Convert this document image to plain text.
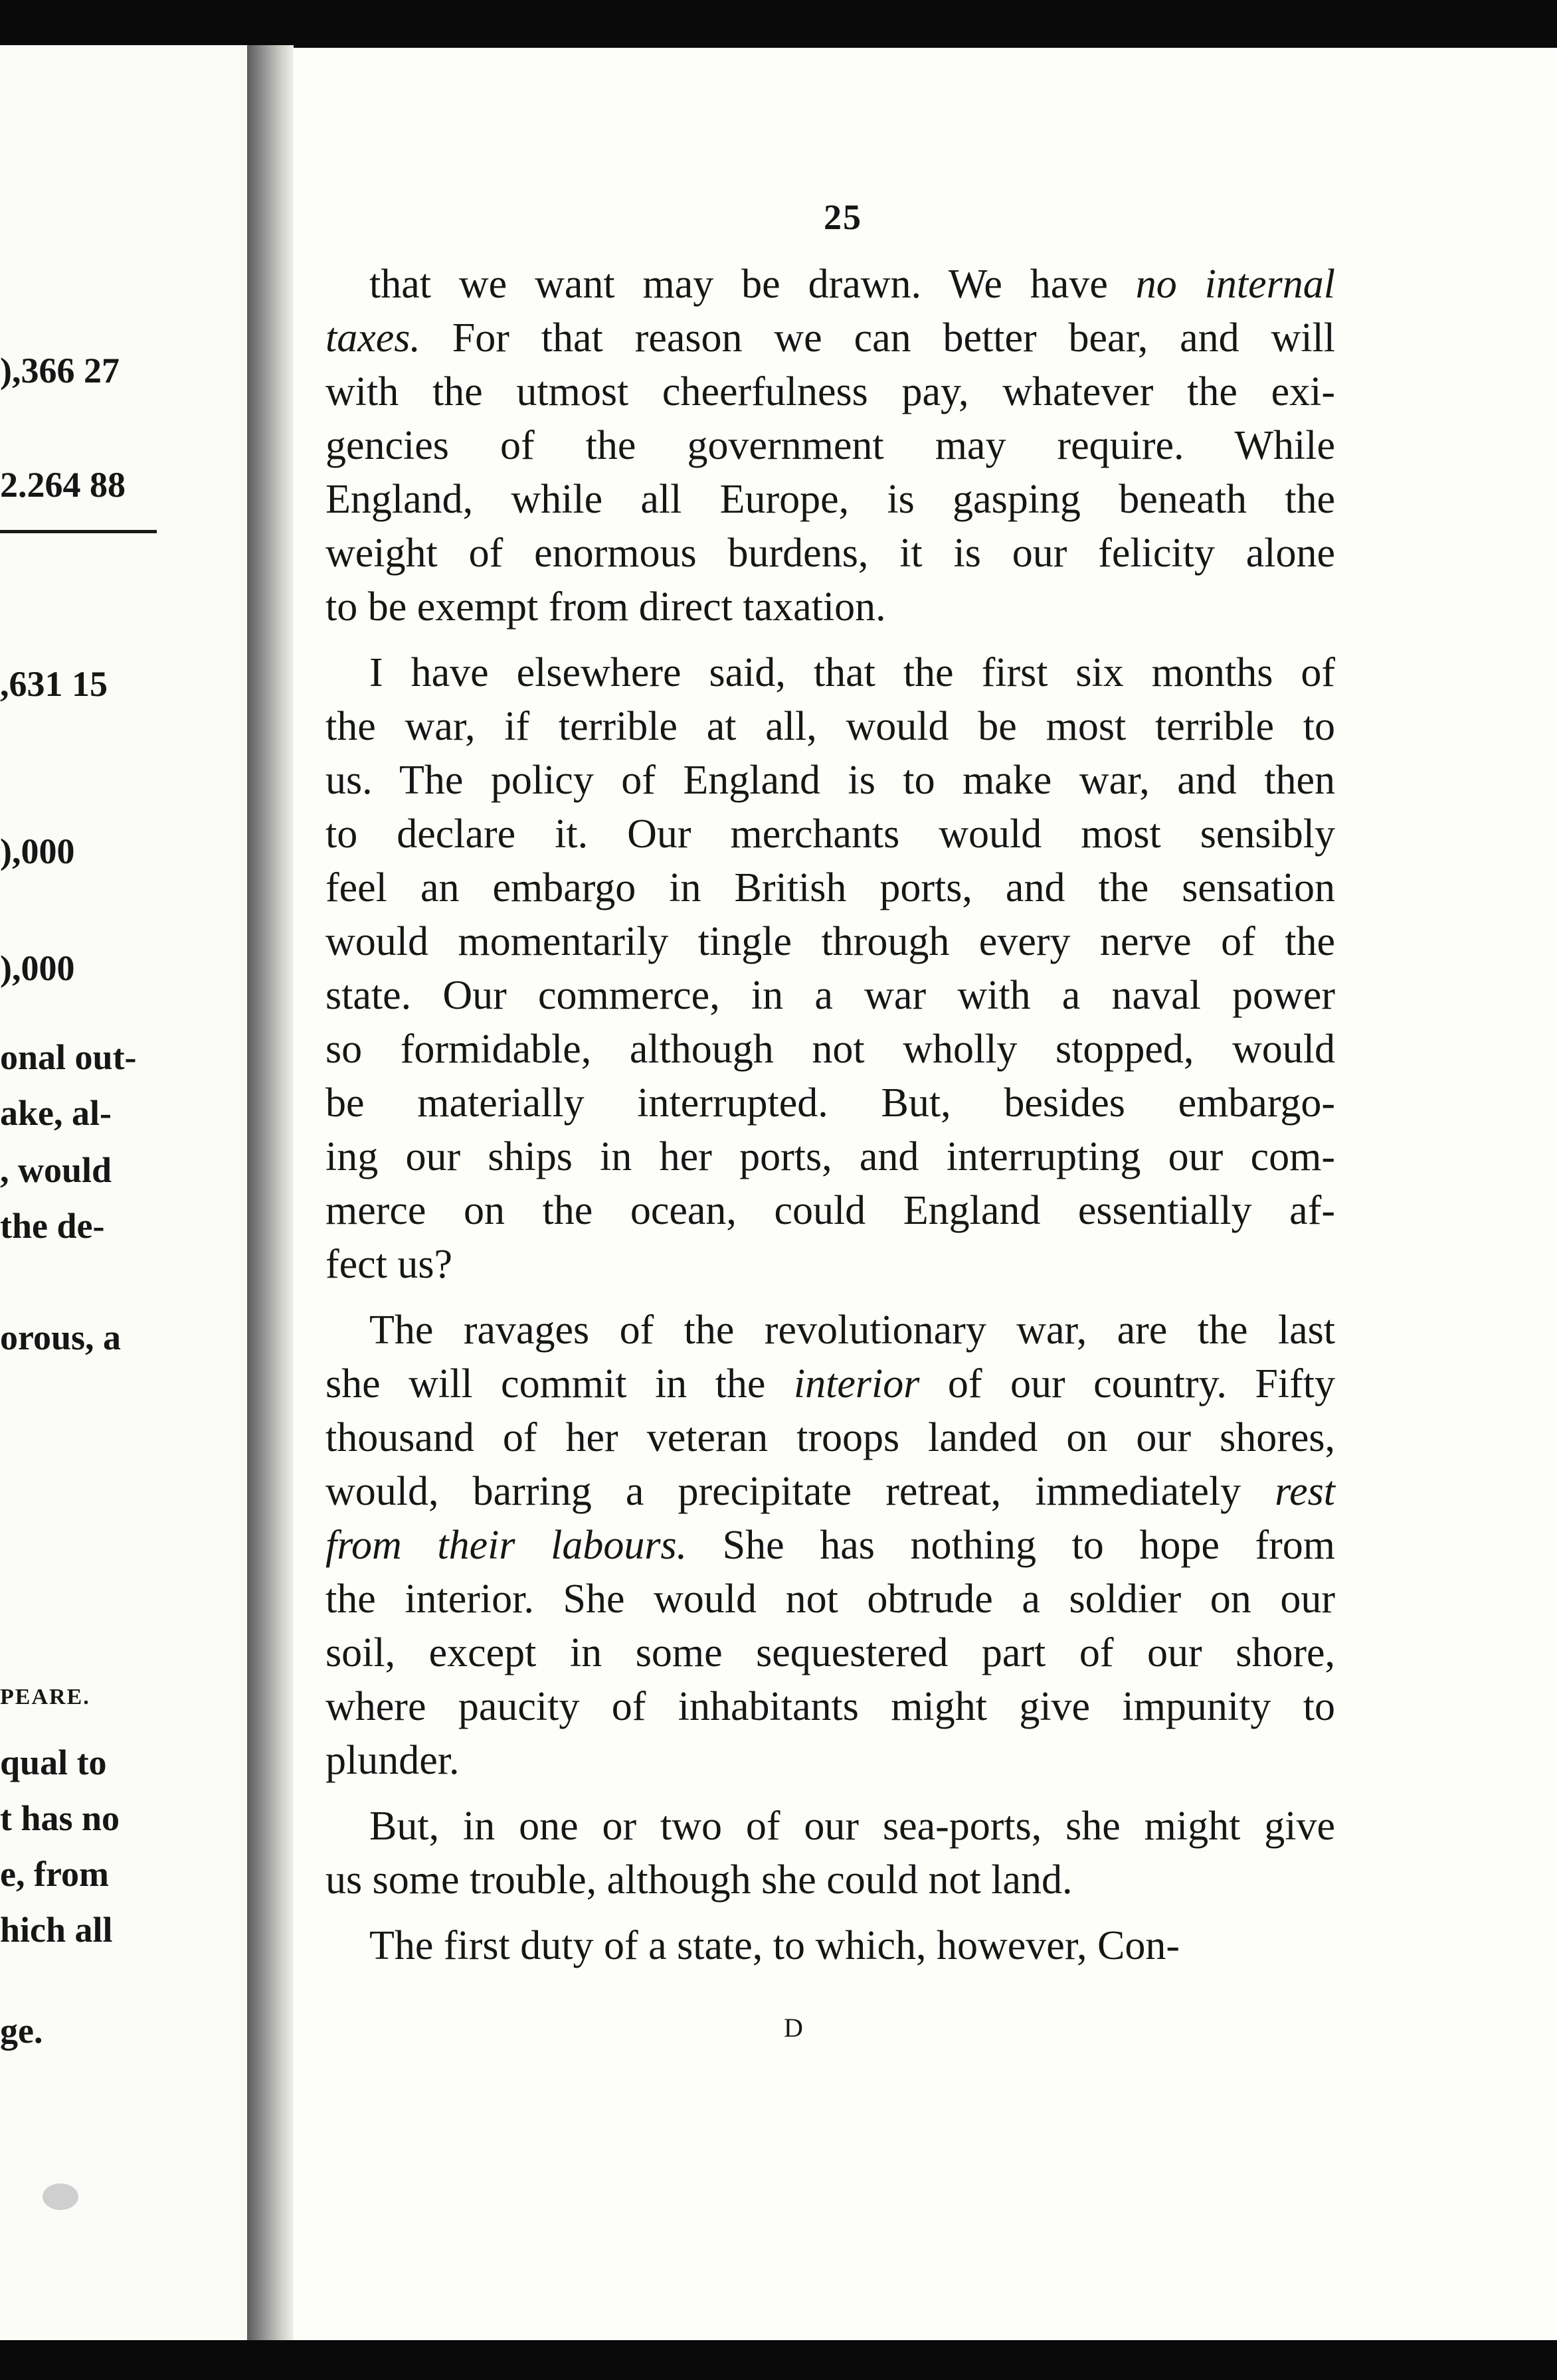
),366 27
2.264 88
,631 15
),000
),000
onal out-
ake, al-
, would
the de-
orous, a
PEARE.
qual to
t has no
e, from
hich all
ge.
25
that we want may be drawn. We have no internal
taxes. For that reason we can better bear, and will
with the utmost cheerfulness pay, whatever the exi-
gencies of the government may require. While
England, while all Europe, is gasping beneath the
weight of enormous burdens, it is our felicity alone
to be exempt from direct taxation.
I have elsewhere said, that the first six months of
the war, if terrible at all, would be most terrible to
us. The policy of England is to make war, and then
to declare it. Our merchants would most sensibly
feel an embargo in British ports, and the sensation
would momentarily tingle through every nerve of the
state. Our commerce, in a war with a naval power
so formidable, although not wholly stopped, would
be materially interrupted. But, besides embargo-
ing our ships in her ports, and interrupting our com-
merce on the ocean, could England essentially af-
fect us?
The ravages of the revolutionary war, are the last
she will commit in the interior of our country. Fifty
thousand of her veteran troops landed on our shores,
would, barring a precipitate retreat, immediately rest
from their labours. She has nothing to hope from
the interior. She would not obtrude a soldier on our
soil, except in some sequestered part of our shore,
where paucity of inhabitants might give impunity to
plunder.
But, in one or two of our sea-ports, she might give
us some trouble, although she could not land.
The first duty of a state, to which, however, Con-
D
